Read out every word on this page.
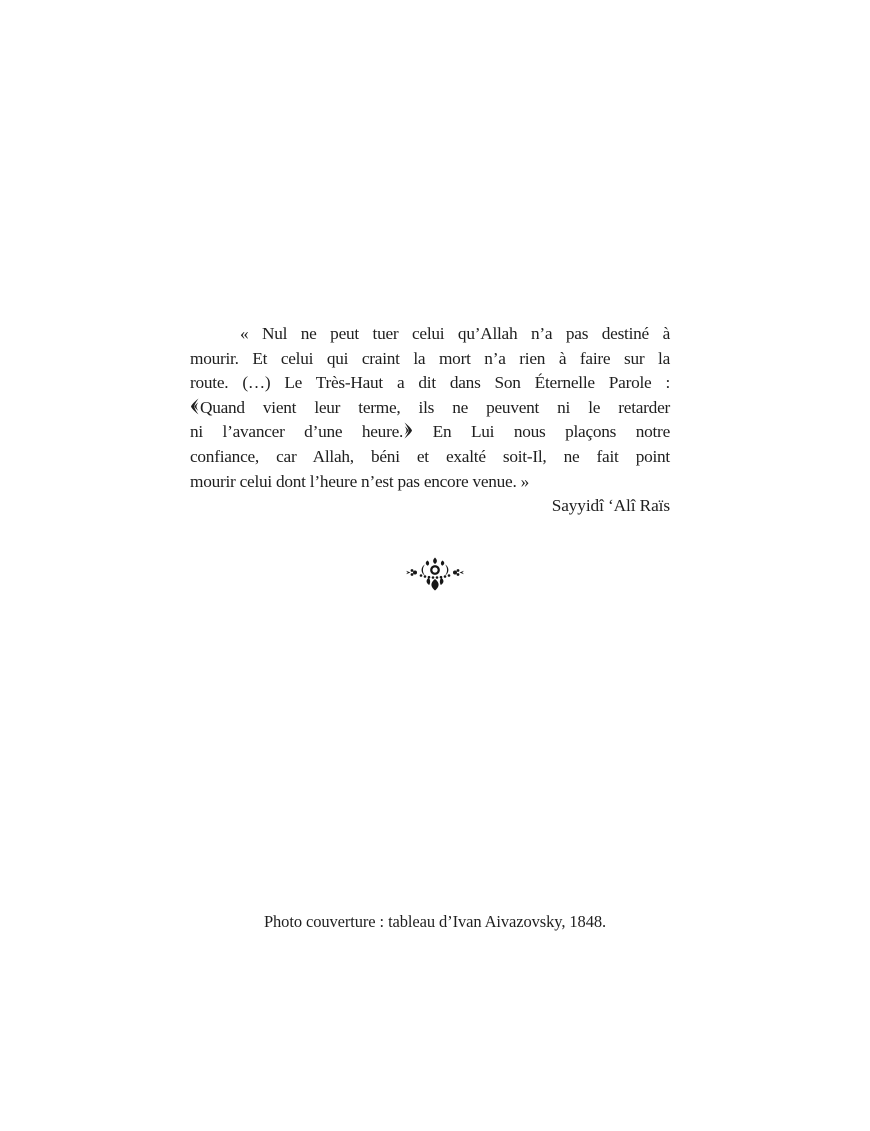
« Nul ne peut tuer celui qu’Allah n’a pas destiné à
mourir. Et celui qui craint la mort n’a rien à faire sur la
route. (…) Le Très-Haut a dit dans Son Éternelle Parole :
Quand vient leur terme, ils ne peuvent ni le retarder
ni l’avancer d’une heure. En Lui nous plaçons notre
confiance, car Allah, béni et exalté soit-Il, ne fait point
mourir celui dont l’heure n’est pas encore venue. »
Sayyidî ‘Alî Raïs
Photo couverture : tableau d’Ivan Aivazovsky, 1848.
